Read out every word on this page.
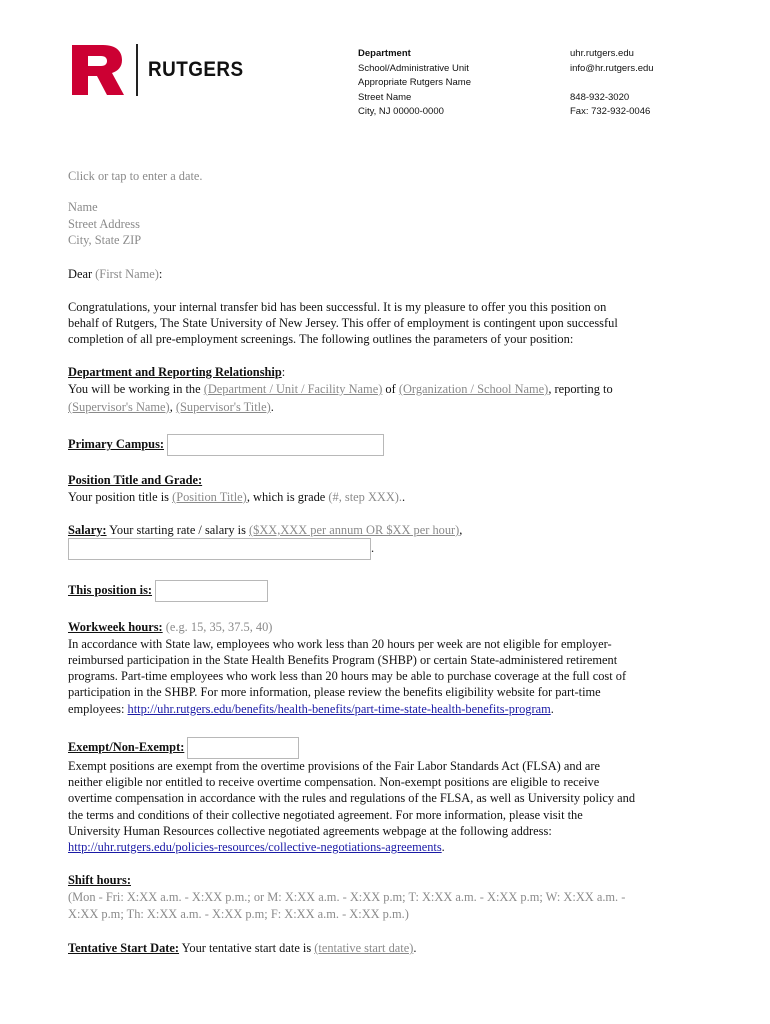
RUTGERS
Department
School/Administrative Unit
Appropriate Rutgers Name
Street Name
City, NJ 00000-0000
uhr.rutgers.edu
info@hr.rutgers.edu

848-932-3020
Fax: 732-932-0046
Click or tap to enter a date.
Name
Street Address
City, State ZIP
Dear (First Name):
Congratulations, your internal transfer bid has been successful. It is my pleasure to offer you this position on
behalf of Rutgers, The State University of New Jersey. This offer of employment is contingent upon successful
completion of all pre-employment screenings. The following outlines the parameters of your position:
Department and Reporting Relationship:
You will be working in the (Department / Unit / Facility Name) of (Organization / School Name), reporting to
(Supervisor's Name), (Supervisor's Title).
Primary Campus:
Position Title and Grade:
Your position title is (Position Title), which is grade (#, step XXX)..
Salary: Your starting rate / salary is ($XX,XXX per annum OR $XX per hour),
.
This position is:
Workweek hours: (e.g. 15, 35, 37.5, 40)
In accordance with State law, employees who work less than 20 hours per week are not eligible for employer-
reimbursed participation in the State Health Benefits Program (SHBP) or certain State-administered retirement
programs. Part-time employees who work less than 20 hours may be able to purchase coverage at the full cost of
participation in the SHBP. For more information, please review the benefits eligibility website for part-time
employees: http://uhr.rutgers.edu/benefits/health-benefits/part-time-state-health-benefits-program.
Exempt/Non-Exempt:
Exempt positions are exempt from the overtime provisions of the Fair Labor Standards Act (FLSA) and are
neither eligible nor entitled to receive overtime compensation. Non-exempt positions are eligible to receive
overtime compensation in accordance with the rules and regulations of the FLSA, as well as University policy and
the terms and conditions of their collective negotiated agreement. For more information, please visit the
University Human Resources collective negotiated agreements webpage at the following address:
http://uhr.rutgers.edu/policies-resources/collective-negotiations-agreements.
Shift hours:
(Mon - Fri: X:XX a.m. - X:XX p.m.; or M: X:XX a.m. - X:XX p.m; T: X:XX a.m. - X:XX p.m; W: X:XX a.m. -
X:XX p.m; Th: X:XX a.m. - X:XX p.m; F: X:XX a.m. - X:XX p.m.)
Tentative Start Date: Your tentative start date is (tentative start date).
